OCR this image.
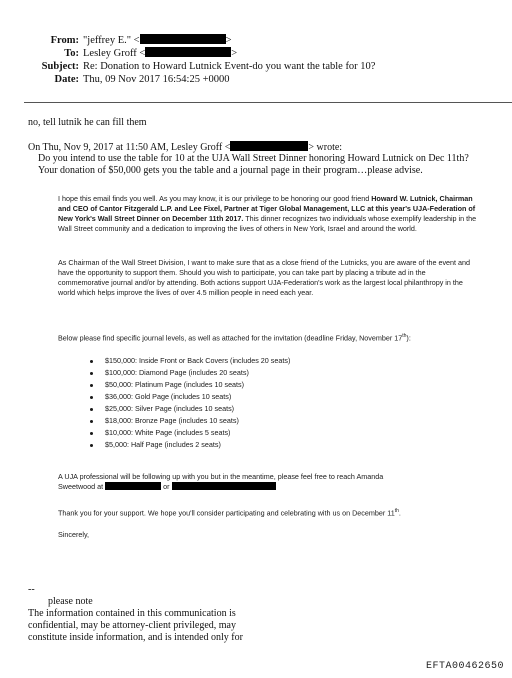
From: "jeffrey E." <	>
To: Lesley Groff <	>
Subject: Re: Donation to Howard Lutnick Event-do you want the table for 10?
Date: Thu, 09 Nov 2017 16:54:25 +0000
no, tell lutnik he can fill them
On Thu, Nov 9, 2017 at 11:50 AM, Lesley Groff <	> wrote:
Do you intend to use the table for 10 at the UJA Wall Street Dinner honoring Howard Lutnick on Dec 11th?
Your donation of $50,000 gets you the table and a journal page in their program…please advise.

I hope this email finds you well. As you may know, it is our privilege to be honoring our good friend Howard W. Lutnick, Chairman and CEO of Cantor Fitzgerald L.P. and Lee Fixel, Partner at Tiger Global Management, LLC at this year's UJA-Federation of New York's Wall Street Dinner on December 11th 2017. This dinner recognizes two individuals whose exemplify leadership in the Wall Street community and a dedication to improving the lives of others in New York, Israel and around the world.

As Chairman of the Wall Street Division, I want to make sure that as a close friend of the Lutnicks, you are aware of the event and have the opportunity to support them. Should you wish to participate, you can take part by placing a tribute ad in the commemorative journal and/or by attending. Both actions support UJA-Federation's work as the largest local philanthropy in the world which helps improve the lives of over 4.5 million people in need each year.

Below please find specific journal levels, as well as attached for the invitation (deadline Friday, November 17th):

$150,000: Inside Front or Back Covers (includes 20 seats)
$100,000: Diamond Page (includes 20 seats)
$50,000: Platinum Page (includes 10 seats)
$36,000: Gold Page (includes 10 seats)
$25,000: Silver Page (includes 10 seats)
$18,000: Bronze Page (includes 10 seats)
$10,000: White Page (includes 5 seats)
$5,000: Half Page (includes 2 seats)

A UJA professional will be following up with you but in the meantime, please feel free to reach Amanda

Sweetwood at	or

Thank you for your support. We hope you'll consider participating and celebrating with us on December 11th.

Sincerely,
--
please note
The information contained in this communication is
confidential, may be attorney-client privileged, may
constitute inside information, and is intended only for
EFTA00462650
